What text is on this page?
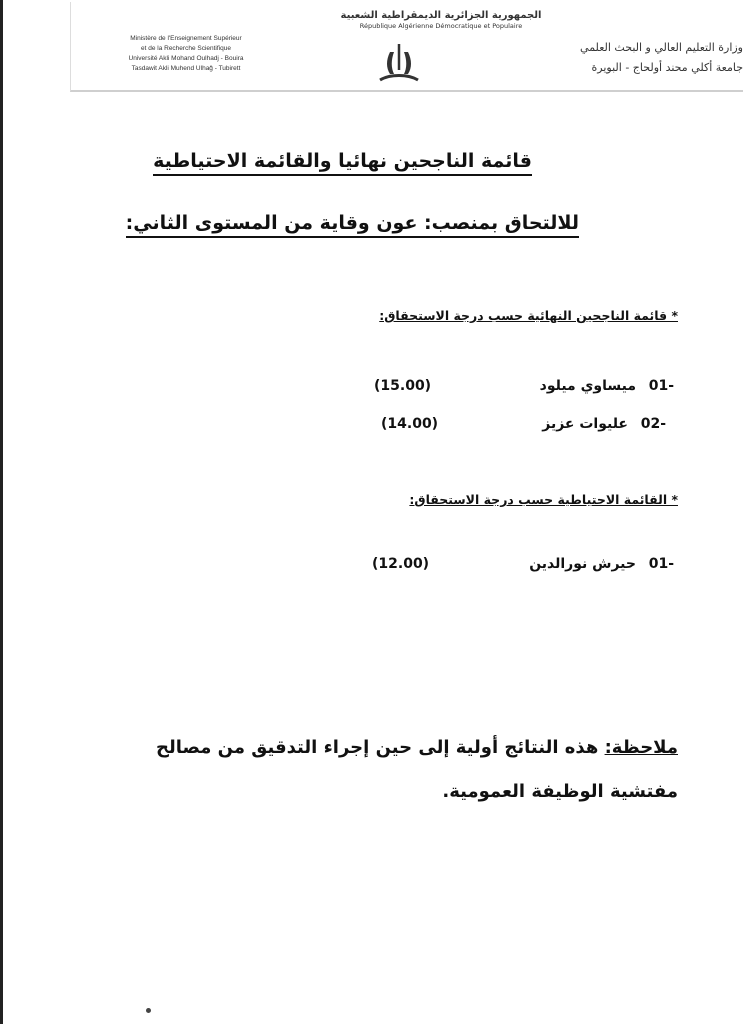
الجمهورية الجزائرية الديمقراطية الشعبية
République Algérienne Démocratique et Populaire
Ministère de l'Enseignement Supérieur
et de la Recherche Scientifique
Université Akli Mohand Oulhadj - Bouira
Tasdawit Akli Muhend Ulhağ - Tubirett
وزارة التعليم العالي و البحث العلمي
جامعة أكلي محند أولحاج - البويرة
قائمة الناجحين نهائيا والقائمة الاحتياطية
للالتحاق بمنصب: عون وقاية من المستوى الثاني:
* قائمة الناجحين النهائية حسب درجة الاستحقاق:
-01
ميساوي ميلود
(15.00)
-02
عليوات عزيز
(14.00)
* القائمة الاحتياطية حسب درجة الاستحقاق:
-01
حيرش نورالدين
(12.00)
ملاحظة: هذه النتائج أولية إلى حين إجراء التدقيق من مصالح مفتشية الوظيفة العمومية.
